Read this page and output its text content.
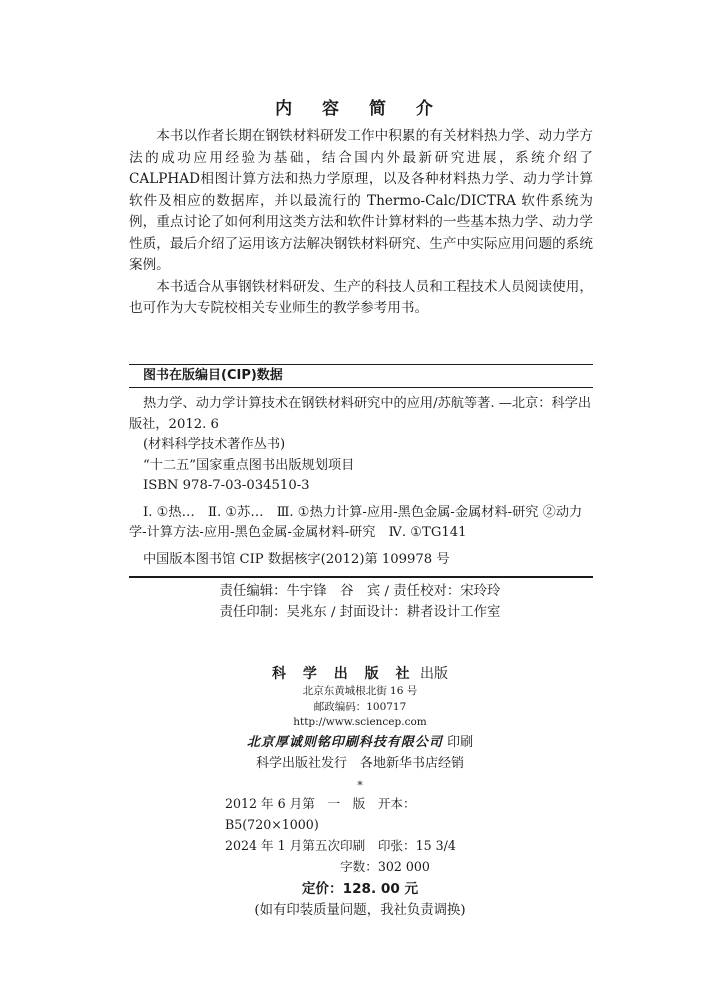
内 容 简 介

本书以作者长期在钢铁材料研发工作中积累的有关材料热力学、动力学方法的成功应用经验为基础，结合国内外最新研究进展，系统介绍了CALPHAD相图计算方法和热力学原理，以及各种材料热力学、动力学计算软件及相应的数据库，并以最流行的 Thermo-Calc/DICTRA 软件系统为例，重点讨论了如何利用这类方法和软件计算材料的一些基本热力学、动力学性质，最后介绍了运用该方法解决钢铁材料研究、生产中实际应用问题的系统案例。

本书适合从事钢铁材料研发、生产的科技人员和工程技术人员阅读使用，也可作为大专院校相关专业师生的教学参考用书。

图书在版编目(CIP)数据

热力学、动力学计算技术在钢铁材料研究中的应用/苏航等著. —北京：科学出版社，2012. 6

(材料科学技术著作丛书)

“十二五”国家重点图书出版规划项目

ISBN 978-7-03-034510-3

Ⅰ. ①热…　Ⅱ. ①苏…　Ⅲ. ①热力计算-应用-黑色金属-金属材料-研究 ②动力学-计算方法-应用-黑色金属-金属材料-研究　Ⅳ. ①TG141

中国版本图书馆 CIP 数据核字(2012)第 109978 号

责任编辑：牛宇锋　谷　宾 / 责任校对：宋玲玲

责任印制：吴兆东 / 封面设计：耕者设计工作室

科 学 出 版 社 出版

北京东黄城根北街 16 号

邮政编码：100717

http://www.sciencep.com

北京厚诚则铭印刷科技有限公司 印刷

科学出版社发行　各地新华书店经销

*

2012 年 6 月第　一　版　开本：B5(720×1000)

2024 年 1 月第五次印刷　印张：15 3/4

字数：302 000

定价：128. 00 元

(如有印装质量问题，我社负责调换)
